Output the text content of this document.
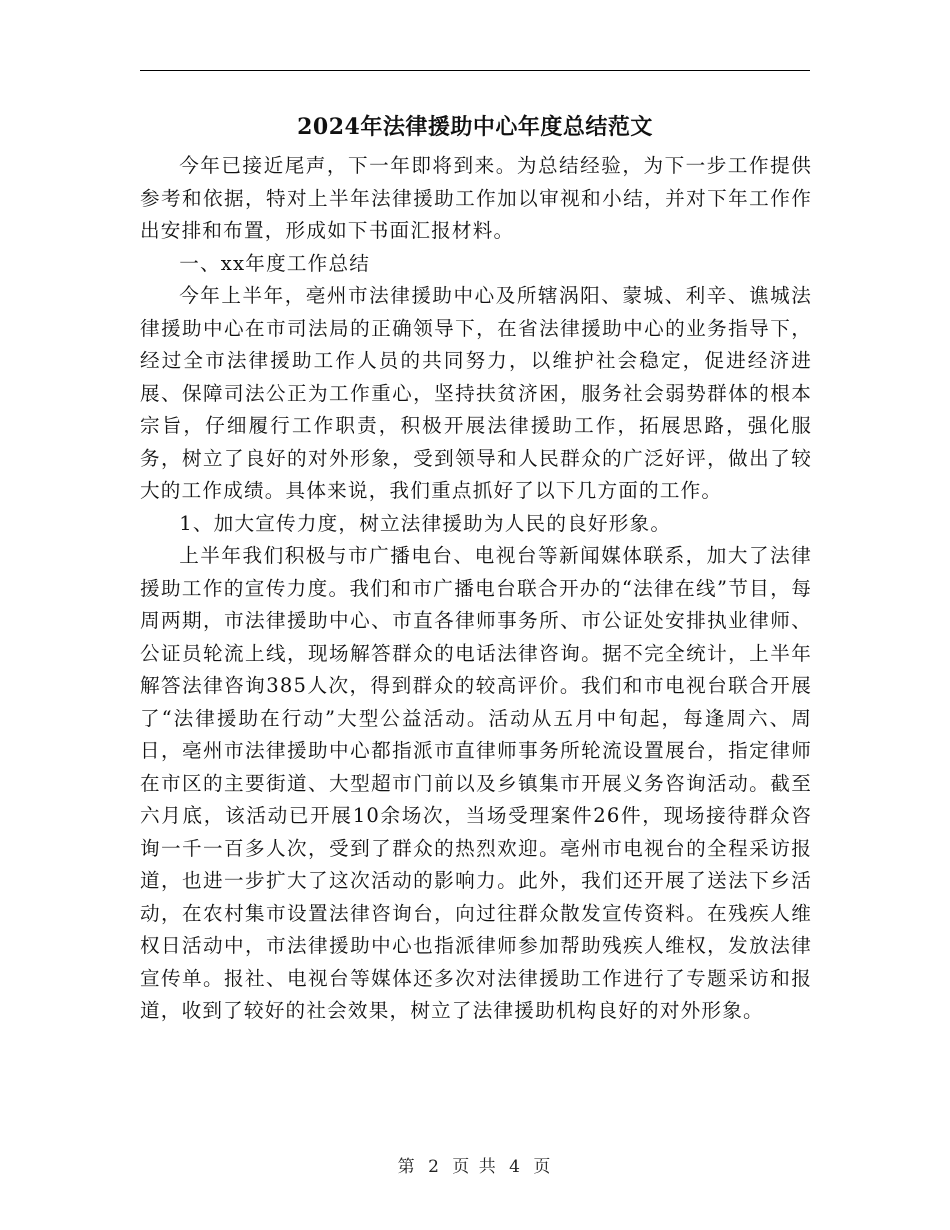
2024年法律援助中心年度总结范文

今年已接近尾声，下一年即将到来。为总结经验，为下一步工作提供参考和依据，特对上半年法律援助工作加以审视和小结，并对下年工作作出安排和布置，形成如下书面汇报材料。

一、xx年度工作总结

今年上半年，亳州市法律援助中心及所辖涡阳、蒙城、利辛、谯城法律援助中心在市司法局的正确领导下，在省法律援助中心的业务指导下，经过全市法律援助工作人员的共同努力，以维护社会稳定，促进经济进展、保障司法公正为工作重心，坚持扶贫济困，服务社会弱势群体的根本宗旨，仔细履行工作职责，积极开展法律援助工作，拓展思路，强化服务，树立了良好的对外形象，受到领导和人民群众的广泛好评，做出了较大的工作成绩。具体来说，我们重点抓好了以下几方面的工作。

1、加大宣传力度，树立法律援助为人民的良好形象。

上半年我们积极与市广播电台、电视台等新闻媒体联系，加大了法律援助工作的宣传力度。我们和市广播电台联合开办的“法律在线”节目，每周两期，市法律援助中心、市直各律师事务所、市公证处安排执业律师、公证员轮流上线，现场解答群众的电话法律咨询。据不完全统计，上半年解答法律咨询385人次，得到群众的较高评价。我们和市电视台联合开展了“法律援助在行动”大型公益活动。活动从五月中旬起，每逢周六、周日，亳州市法律援助中心都指派市直律师事务所轮流设置展台，指定律师在市区的主要街道、大型超市门前以及乡镇集市开展义务咨询活动。截至六月底，该活动已开展10余场次，当场受理案件26件，现场接待群众咨询一千一百多人次，受到了群众的热烈欢迎。亳州市电视台的全程采访报道，也进一步扩大了这次活动的影响力。此外，我们还开展了送法下乡活动，在农村集市设置法律咨询台，向过往群众散发宣传资料。在残疾人维权日活动中，市法律援助中心也指派律师参加帮助残疾人维权，发放法律宣传单。报社、电视台等媒体还多次对法律援助工作进行了专题采访和报道，收到了较好的社会效果，树立了法律援助机构良好的对外形象。

第 2 页 共 4 页
